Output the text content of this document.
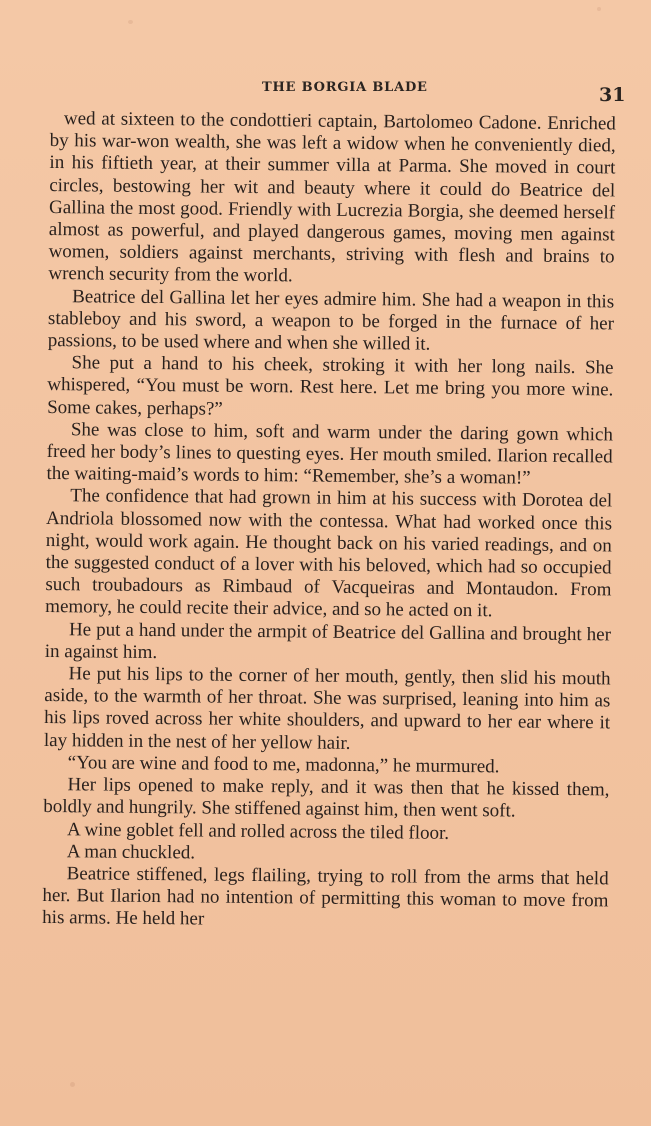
THE BORGIA BLADE	31

wed at sixteen to the condottieri captain, Bartolomeo Cadone. Enriched by his war-won wealth, she was left a widow when he conveniently died, in his fiftieth year, at their summer villa at Parma. She moved in court circles, bestowing her wit and beauty where it could do Beatrice del Gallina the most good. Friendly with Lucrezia Borgia, she deemed herself almost as powerful, and played dangerous games, moving men against women, soldiers against merchants, striving with flesh and brains to wrench security from the world.

Beatrice del Gallina let her eyes admire him. She had a weapon in this stableboy and his sword, a weapon to be forged in the furnace of her passions, to be used where and when she willed it.

She put a hand to his cheek, stroking it with her long nails. She whispered, “You must be worn. Rest here. Let me bring you more wine. Some cakes, perhaps?”

She was close to him, soft and warm under the daring gown which freed her body’s lines to questing eyes. Her mouth smiled. Ilarion recalled the waiting-maid’s words to him: “Remember, she’s a woman!”

The confidence that had grown in him at his success with Dorotea del Andriola blossomed now with the contessa. What had worked once this night, would work again. He thought back on his varied readings, and on the suggested conduct of a lover with his beloved, which had so occupied such troubadours as Rimbaud of Vacqueiras and Montaudon. From memory, he could recite their advice, and so he acted on it.

He put a hand under the armpit of Beatrice del Gallina and brought her in against him.

He put his lips to the corner of her mouth, gently, then slid his mouth aside, to the warmth of her throat. She was surprised, leaning into him as his lips roved across her white shoulders, and upward to her ear where it lay hidden in the nest of her yellow hair.

“You are wine and food to me, madonna,” he murmured.

Her lips opened to make reply, and it was then that he kissed them, boldly and hungrily. She stiffened against him, then went soft.

A wine goblet fell and rolled across the tiled floor.

A man chuckled.

Beatrice stiffened, legs flailing, trying to roll from the arms that held her. But Ilarion had no intention of permitting this woman to move from his arms. He held her
